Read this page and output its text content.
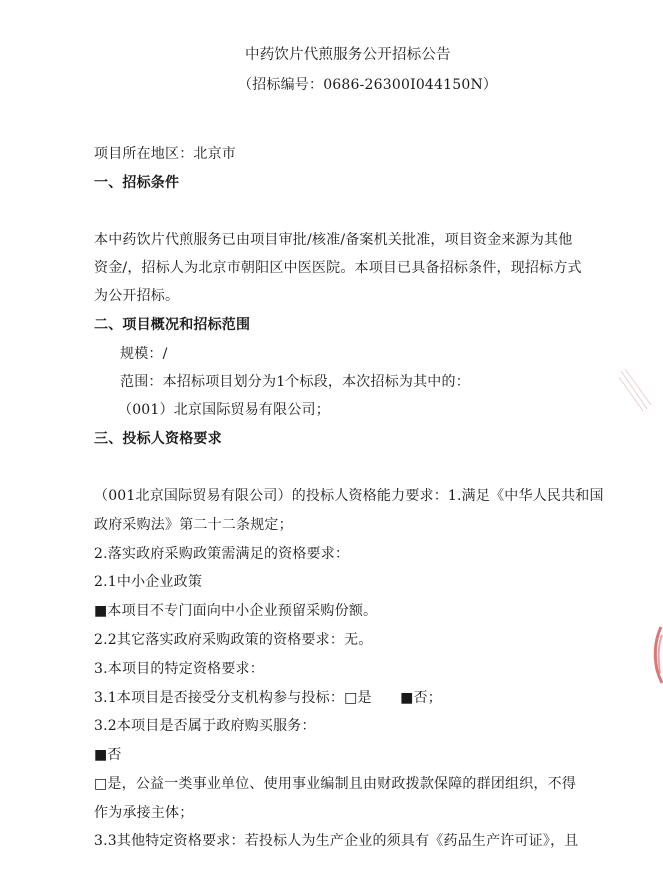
中药饮片代煎服务公开招标公告
（招标编号：0686-26300I044150N）
项目所在地区：北京市
一、招标条件
本中药饮片代煎服务已由项目审批/核准/备案机关批准，项目资金来源为其他
资金/，招标人为北京市朝阳区中医医院。本项目已具备招标条件，现招标方式
为公开招标。
二、项目概况和招标范围
规模：/
范围：本招标项目划分为1个标段，本次招标为其中的：
（001）北京国际贸易有限公司；
三、投标人资格要求
（001北京国际贸易有限公司）的投标人资格能力要求：1.满足《中华人民共和国
政府采购法》第二十二条规定；
2.落实政府采购政策需满足的资格要求：
2.1中小企业政策
■本项目不专门面向中小企业预留采购份额。
2.2其它落实政府采购政策的资格要求：无。
3.本项目的特定资格要求：
3.1本项目是否接受分支机构参与投标：□是　　■否；
3.2本项目是否属于政府购买服务：
■否
□是，公益一类事业单位、使用事业编制且由财政拨款保障的群团组织，不得
作为承接主体；
3.3其他特定资格要求：若投标人为生产企业的须具有《药品生产许可证》，且
